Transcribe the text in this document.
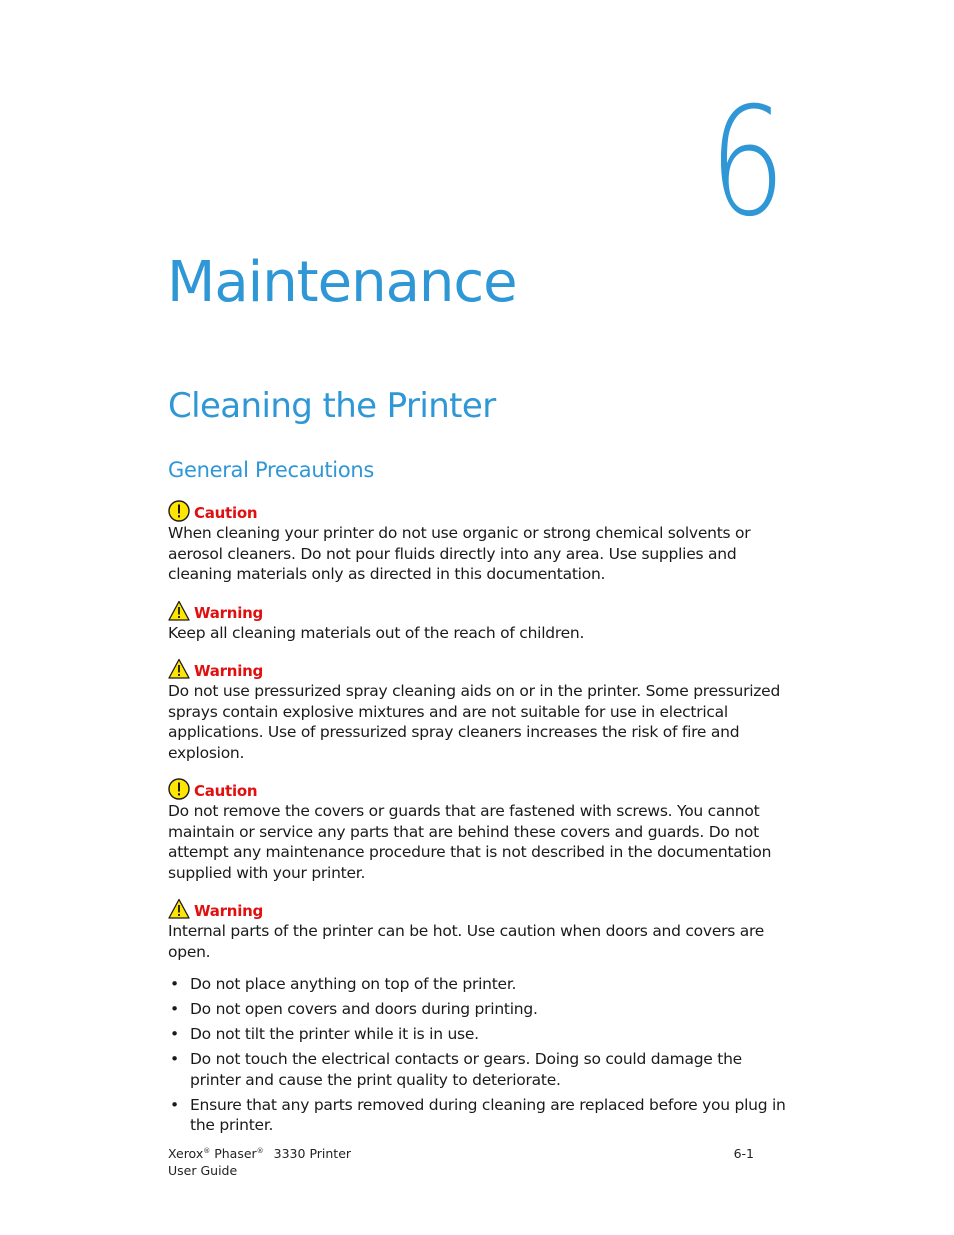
6
Maintenance
Cleaning the Printer
General Precautions
Caution

When cleaning your printer do not use organic or strong chemical solvents or aerosol cleaners. Do not pour fluids directly into any area. Use supplies and cleaning materials only as directed in this documentation.

Warning

Keep all cleaning materials out of the reach of children.

Warning

Do not use pressurized spray cleaning aids on or in the printer. Some pressurized sprays contain explosive mixtures and are not suitable for use in electrical applications. Use of pressurized spray cleaners increases the risk of fire and explosion.

Caution

Do not remove the covers or guards that are fastened with screws. You cannot maintain or service any parts that are behind these covers and guards. Do not attempt any maintenance procedure that is not described in the documentation supplied with your printer.

Warning

Internal parts of the printer can be hot. Use caution when doors and covers are open.

• Do not place anything on top of the printer.
• Do not open covers and doors during printing.
• Do not tilt the printer while it is in use.
• Do not touch the electrical contacts or gears. Doing so could damage the printer and cause the print quality to deteriorate.
• Ensure that any parts removed during cleaning are replaced before you plug in the printer.
Xerox® Phaser® 3330 Printer
User Guide
6-1
